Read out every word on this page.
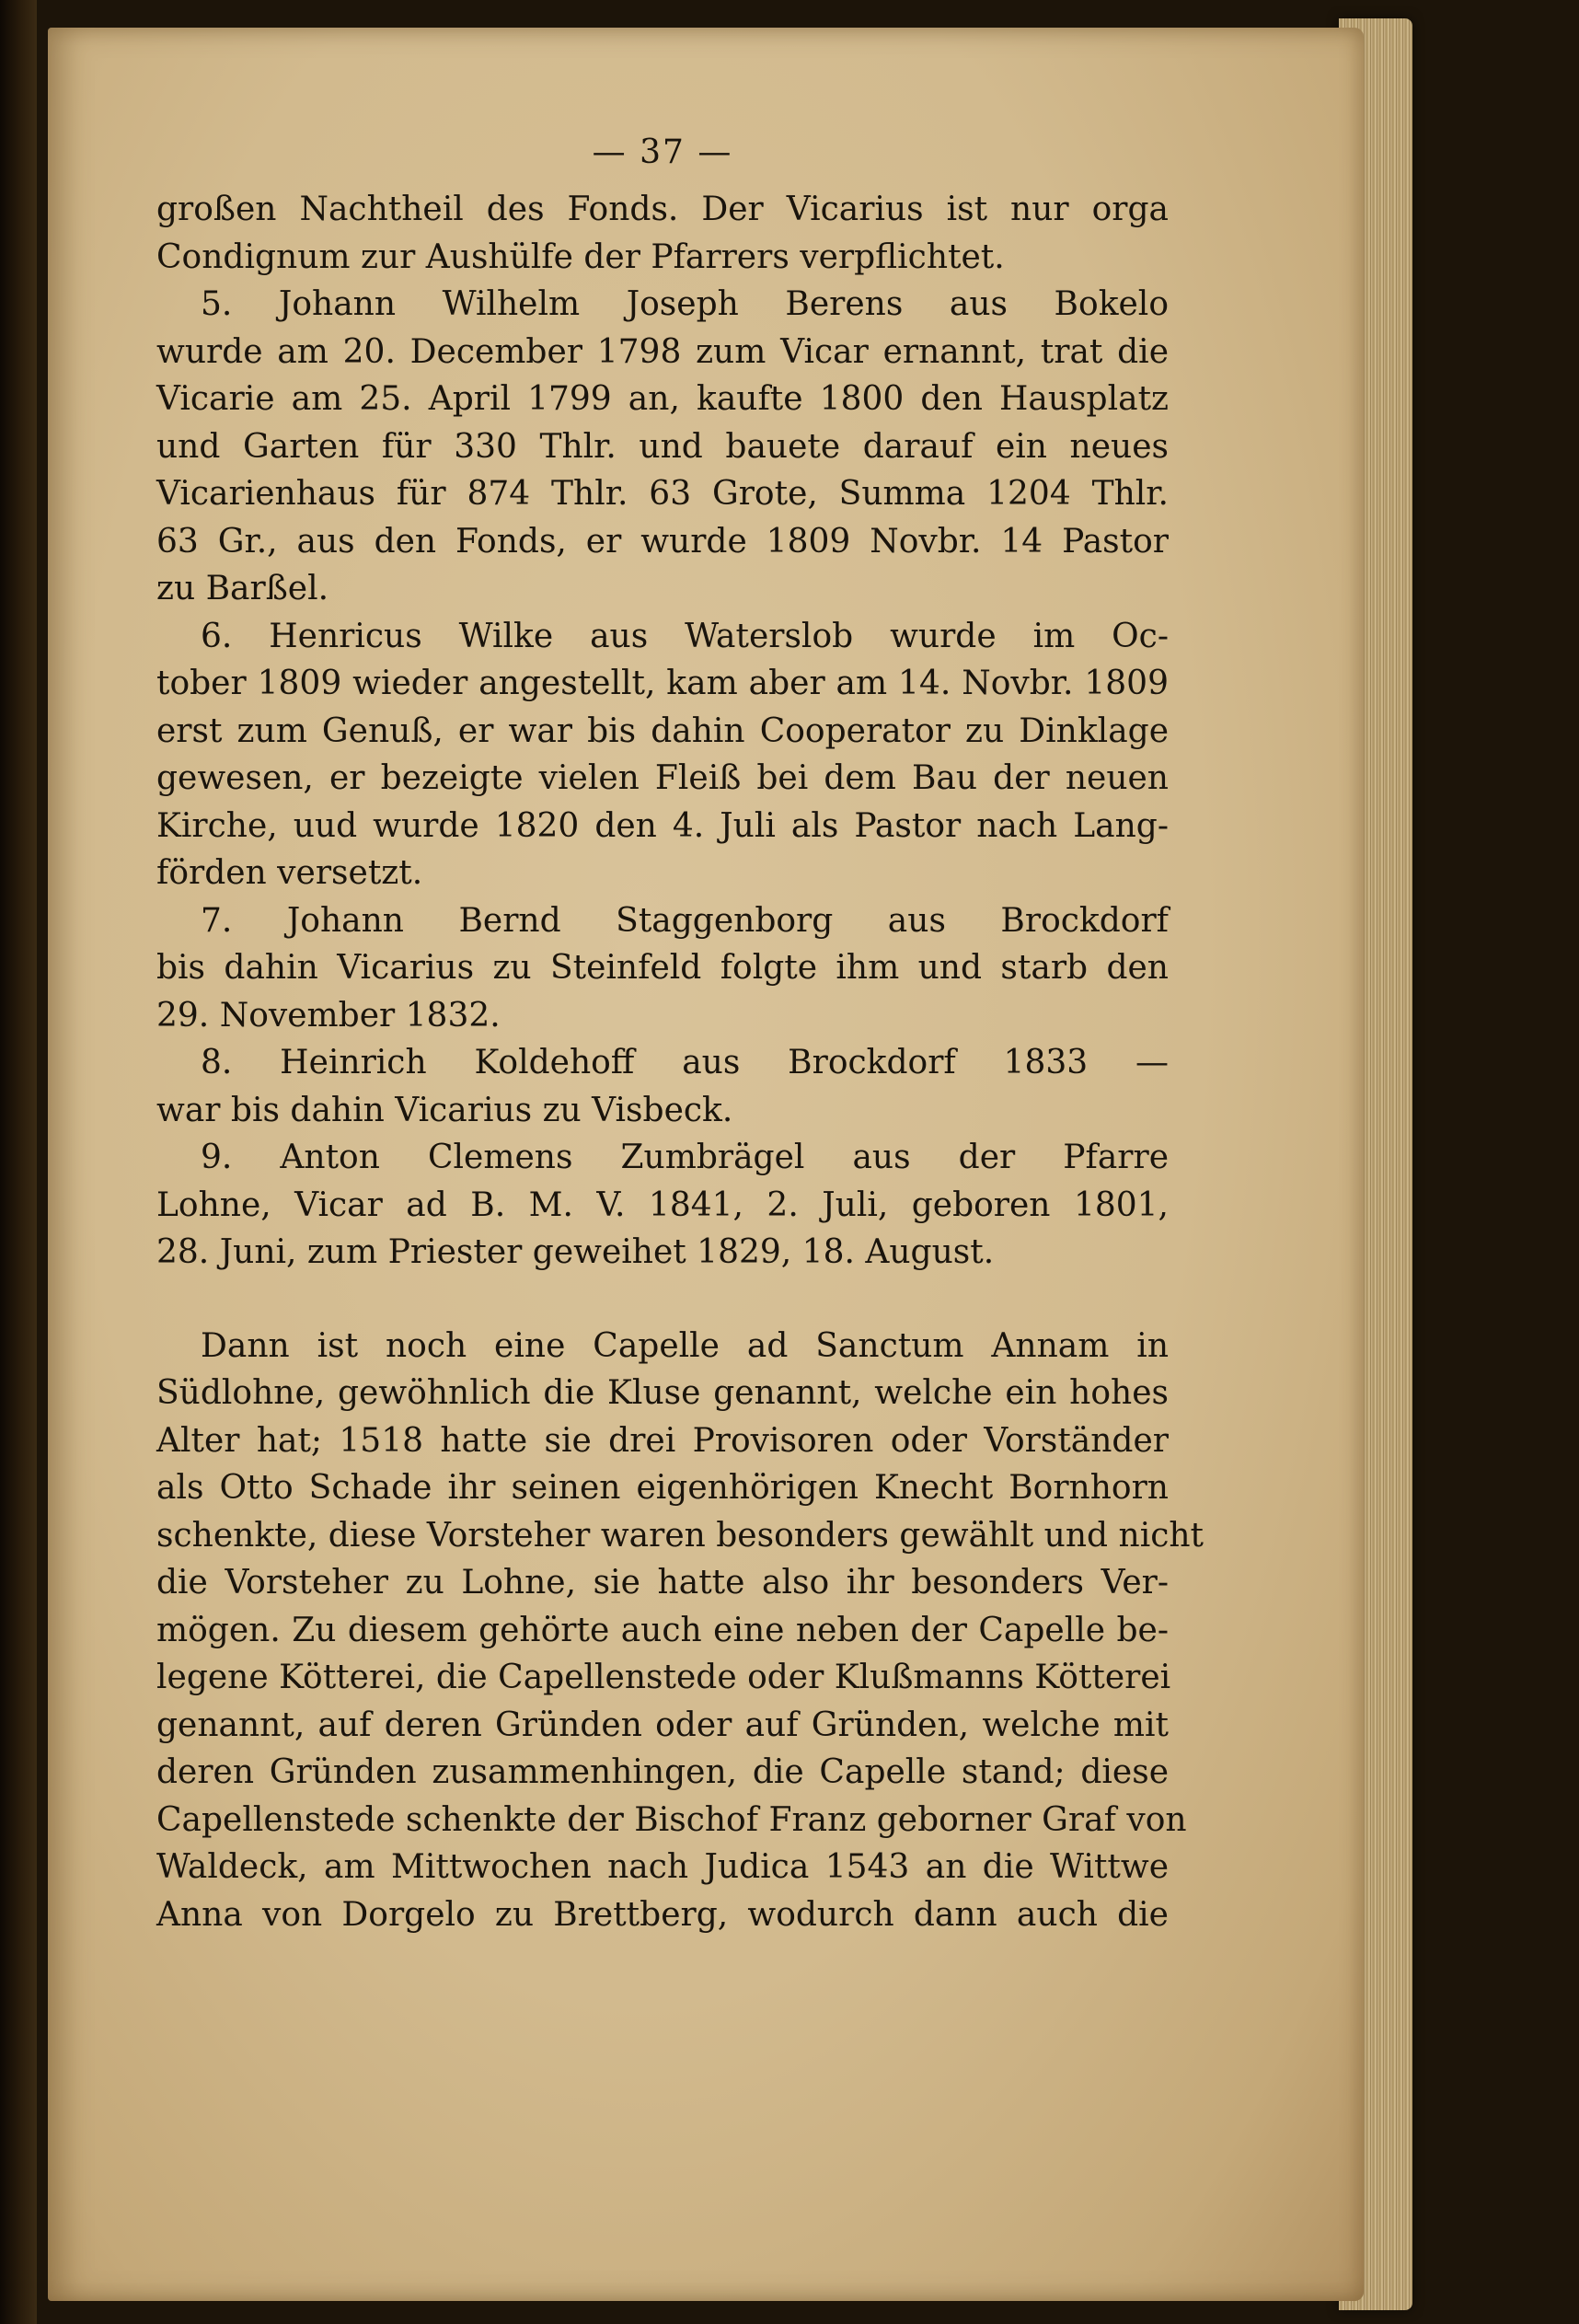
— 37 —
großen Nachtheil des Fonds. Der Vicarius ist nur orga
Condignum zur Aushülfe der Pfarrers verpflichtet.
5. Johann Wilhelm Joseph Berens aus Bokelo
wurde am 20. December 1798 zum Vicar ernannt, trat die
Vicarie am 25. April 1799 an, kaufte 1800 den Hausplatz
und Garten für 330 Thlr. und bauete darauf ein neues
Vicarienhaus für 874 Thlr. 63 Grote, Summa 1204 Thlr.
63 Gr., aus den Fonds, er wurde 1809 Novbr. 14 Pastor
zu Barßel.
6. Henricus Wilke aus Waterslob wurde im Oc-
tober 1809 wieder angestellt, kam aber am 14. Novbr. 1809
erst zum Genuß, er war bis dahin Cooperator zu Dinklage
gewesen, er bezeigte vielen Fleiß bei dem Bau der neuen
Kirche, uud wurde 1820 den 4. Juli als Pastor nach Lang-
förden versetzt.
7. Johann Bernd Staggenborg aus Brockdorf
bis dahin Vicarius zu Steinfeld folgte ihm und starb den
29. November 1832.
8. Heinrich Koldehoff aus Brockdorf 1833 —
war bis dahin Vicarius zu Visbeck.
9. Anton Clemens Zumbrägel aus der Pfarre
Lohne, Vicar ad B. M. V. 1841, 2. Juli, geboren 1801,
28. Juni, zum Priester geweihet 1829, 18. August.
Dann ist noch eine Capelle ad Sanctum Annam in
Südlohne, gewöhnlich die Kluse genannt, welche ein hohes
Alter hat; 1518 hatte sie drei Provisoren oder Vorständer
als Otto Schade ihr seinen eigenhörigen Knecht Bornhorn
schenkte, diese Vorsteher waren besonders gewählt und nicht
die Vorsteher zu Lohne, sie hatte also ihr besonders Ver-
mögen. Zu diesem gehörte auch eine neben der Capelle be-
legene Kötterei, die Capellenstede oder Klußmanns Kötterei
genannt, auf deren Gründen oder auf Gründen, welche mit
deren Gründen zusammenhingen, die Capelle stand; diese
Capellenstede schenkte der Bischof Franz geborner Graf von
Waldeck, am Mittwochen nach Judica 1543 an die Wittwe
Anna von Dorgelo zu Brettberg, wodurch dann auch die
